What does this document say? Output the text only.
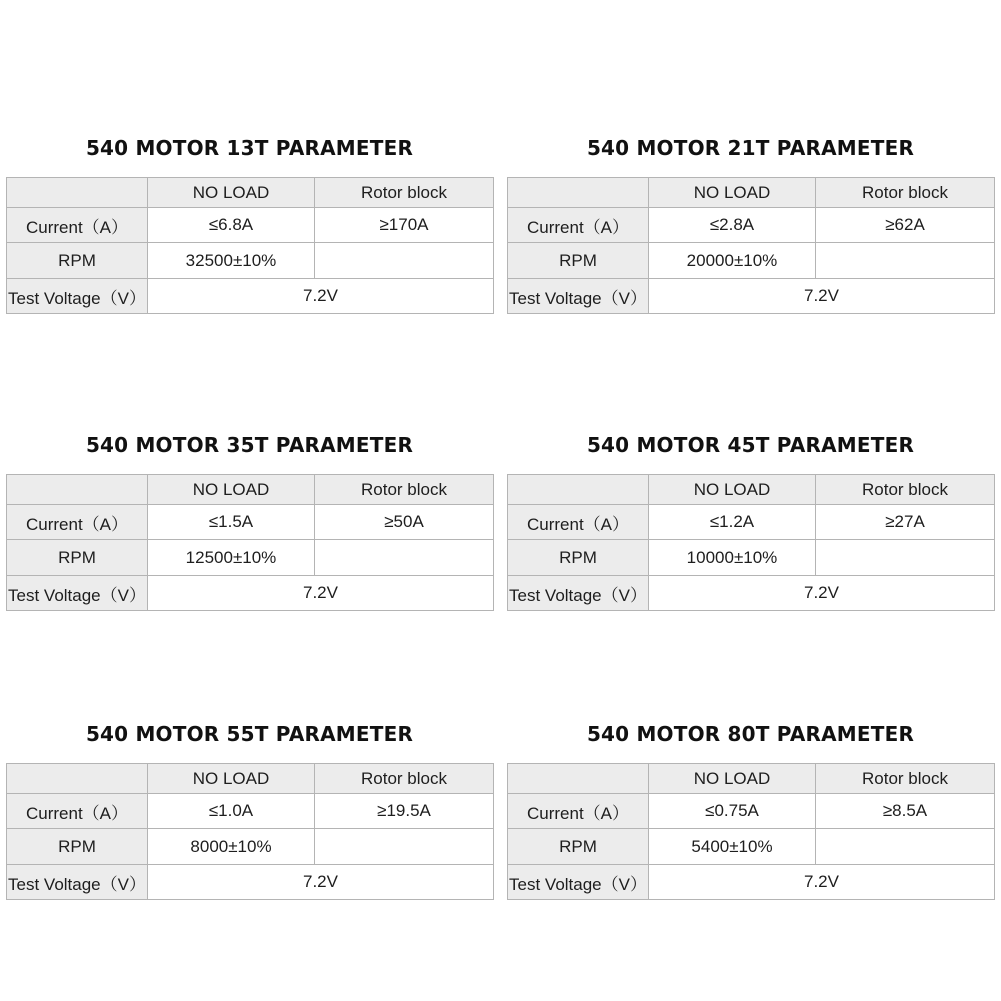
540 MOTOR 13T PARAMETER
	NO LOAD	Rotor block
Current（A）	≤6.8A	≥170A
RPM	32500±10%	
Test Voltage（V）	7.2V	
540 MOTOR 21T PARAMETER
	NO LOAD	Rotor block
Current（A）	≤2.8A	≥62A
RPM	20000±10%	
Test Voltage（V）	7.2V	
540 MOTOR 35T PARAMETER
	NO LOAD	Rotor block
Current（A）	≤1.5A	≥50A
RPM	12500±10%	
Test Voltage（V）	7.2V	
540 MOTOR 45T PARAMETER
	NO LOAD	Rotor block
Current（A）	≤1.2A	≥27A
RPM	10000±10%	
Test Voltage（V）	7.2V	
540 MOTOR 55T PARAMETER
	NO LOAD	Rotor block
Current（A）	≤1.0A	≥19.5A
RPM	8000±10%	
Test Voltage（V）	7.2V	
540 MOTOR 80T PARAMETER
	NO LOAD	Rotor block
Current（A）	≤0.75A	≥8.5A
RPM	5400±10%	
Test Voltage（V）	7.2V	
